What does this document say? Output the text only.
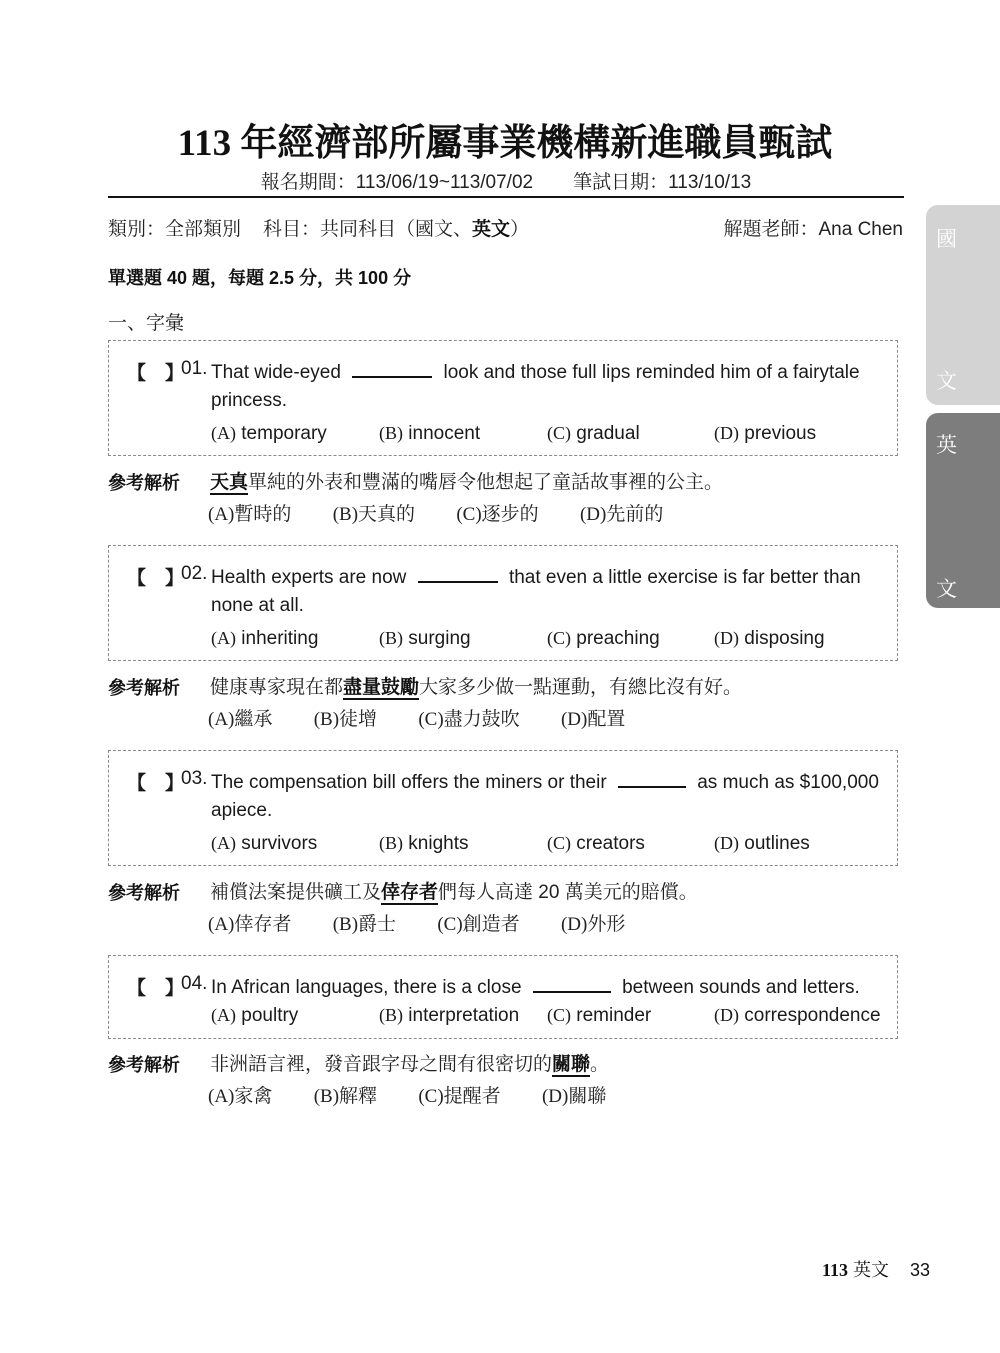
113 年經濟部所屬事業機構新進職員甄試
報名期間：113/06/19~113/07/02 筆試日期：113/10/13
類別：全部類別 科目：共同科目（國文、英文）	解題老師：Ana Chen
單選題 40 題，每題 2.5 分，共 100 分
一、字彙
【　】
01. That wide-eyed	look and those full lips reminded him of a fairytale
princess.
(A) temporary	(B) innocent	(C) gradual	(D) previous
參考解析 天真單純的外表和豐滿的嘴唇令他想起了童話故事裡的公主。
(A)暫時的 (B)天真的 (C)逐步的 (D)先前的
【　】
02. Health experts are now	that even a little exercise is far better than
none at all.
(A) inheriting	(B) surging	(C) preaching	(D) disposing
參考解析 健康專家現在都盡量鼓勵大家多少做一點運動，有總比沒有好。
(A)繼承 (B)徒增 (C)盡力鼓吹 (D)配置
【　】
03. The compensation bill offers the miners or their	as much as $100,000
apiece.
(A) survivors	(B) knights	(C) creators	(D) outlines
參考解析 補償法案提供礦工及倖存者們每人高達 20 萬美元的賠償。
(A)倖存者 (B)爵士 (C)創造者 (D)外形
【　】
04. In African languages, there is a close	between sounds and letters.
(A) poultry	(B) interpretation (C) reminder	(D) correspondence
參考解析 非洲語言裡，發音跟字母之間有很密切的關聯。
(A)家禽 (B)解釋 (C)提醒者 (D)關聯
國
文
英
文
113 英文 33
